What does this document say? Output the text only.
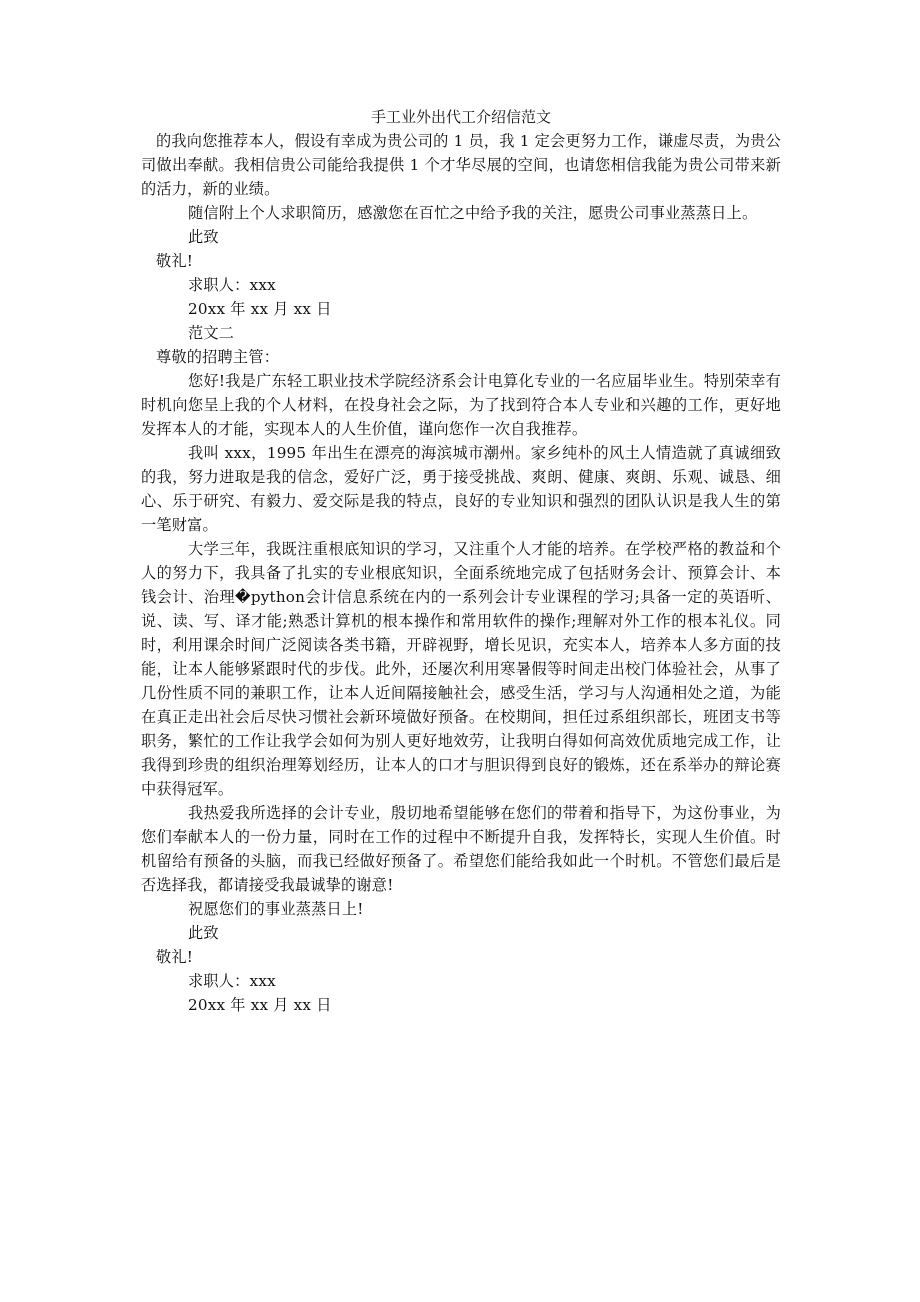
手工业外出代工介绍信范文

的我向您推荐本人，假设有幸成为贵公司的 1 员，我 1 定会更努力工作，谦虚尽责，为贵公司做出奉献。我相信贵公司能给我提供 1 个才华尽展的空间，也请您相信我能为贵公司带来新的活力，新的业绩。

随信附上个人求职简历，感激您在百忙之中给予我的关注，愿贵公司事业蒸蒸日上。

此致

敬礼!

求职人：xxx

20xx 年 xx 月 xx 日

范文二

尊敬的招聘主管：

您好!我是广东轻工职业技术学院经济系会计电算化专业的一名应届毕业生。特别荣幸有时机向您呈上我的个人材料，在投身社会之际，为了找到符合本人专业和兴趣的工作，更好地发挥本人的才能，实现本人的人生价值，谨向您作一次自我推荐。

我叫 xxx，1995 年出生在漂亮的海滨城市潮州。家乡纯朴的风土人情造就了真诚细致的我，努力进取是我的信念，爱好广泛，勇于接受挑战、爽朗、健康、爽朗、乐观、诚恳、细心、乐于研究、有毅力、爱交际是我的特点，良好的专业知识和强烈的团队认识是我人生的第一笔财富。

大学三年，我既注重根底知识的学习，又注重个人才能的培养。在学校严格的教益和个人的努力下，我具备了扎实的专业根底知识，全面系统地完成了包括财务会计、预算会计、本钱会计、治理�python会计信息系统在内的一系列会计专业课程的学习;具备一定的英语听、说、读、写、译才能;熟悉计算机的根本操作和常用软件的操作;理解对外工作的根本礼仪。同时，利用课余时间广泛阅读各类书籍，开辟视野，增长见识，充实本人，培养本人多方面的技能，让本人能够紧跟时代的步伐。此外，还屡次利用寒暑假等时间走出校门体验社会，从事了几份性质不同的兼职工作，让本人近间隔接触社会，感受生活，学习与人沟通相处之道，为能在真正走出社会后尽快习惯社会新环境做好预备。在校期间，担任过系组织部长，班团支书等职务，繁忙的工作让我学会如何为别人更好地效劳，让我明白得如何高效优质地完成工作，让我得到珍贵的组织治理筹划经历，让本人的口才与胆识得到良好的锻炼，还在系举办的辩论赛中获得冠军。

我热爱我所选择的会计专业，殷切地希望能够在您们的带着和指导下，为这份事业，为您们奉献本人的一份力量，同时在工作的过程中不断提升自我，发挥特长，实现人生价值。时机留给有预备的头脑，而我已经做好预备了。希望您们能给我如此一个时机。不管您们最后是否选择我，都请接受我最诚挚的谢意!

祝愿您们的事业蒸蒸日上!

此致

敬礼!

求职人：xxx

20xx 年 xx 月 xx 日
